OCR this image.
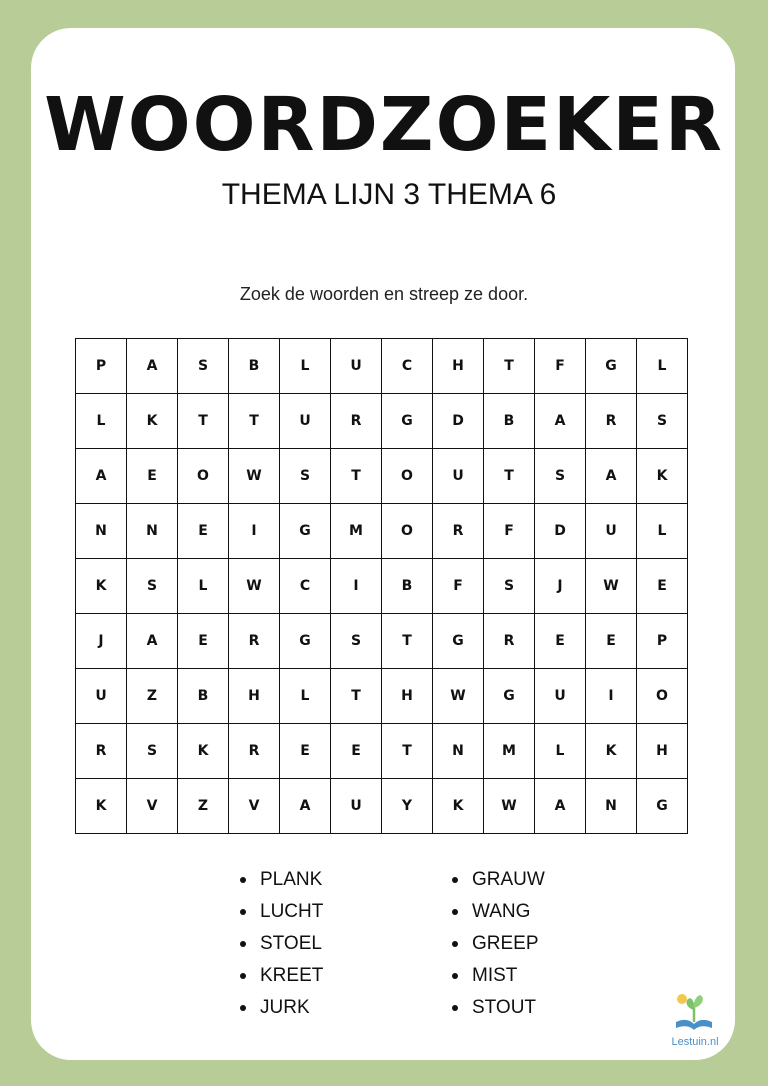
WOORDZOEKER
THEMA LIJN 3 THEMA 6
Zoek de woorden en streep ze door.
P	A	S	B	L	U	C	H	T	F	G	L
L	K	T	T	U	R	G	D	B	A	R	S
A	E	O	W	S	T	O	U	T	S	A	K
N	N	E	I	G	M	O	R	F	D	U	L
K	S	L	W	C	I	B	F	S	J	W	E
J	A	E	R	G	S	T	G	R	E	E	P
U	Z	B	H	L	T	H	W	G	U	I	O
R	S	K	R	E	E	T	N	M	L	K	H
K	V	Z	V	A	U	Y	K	W	A	N	G
PLANK
LUCHT
STOEL
KREET
JURK
GRAUW
WANG
GREEP
MIST
STOUT
Lestuin.nl
